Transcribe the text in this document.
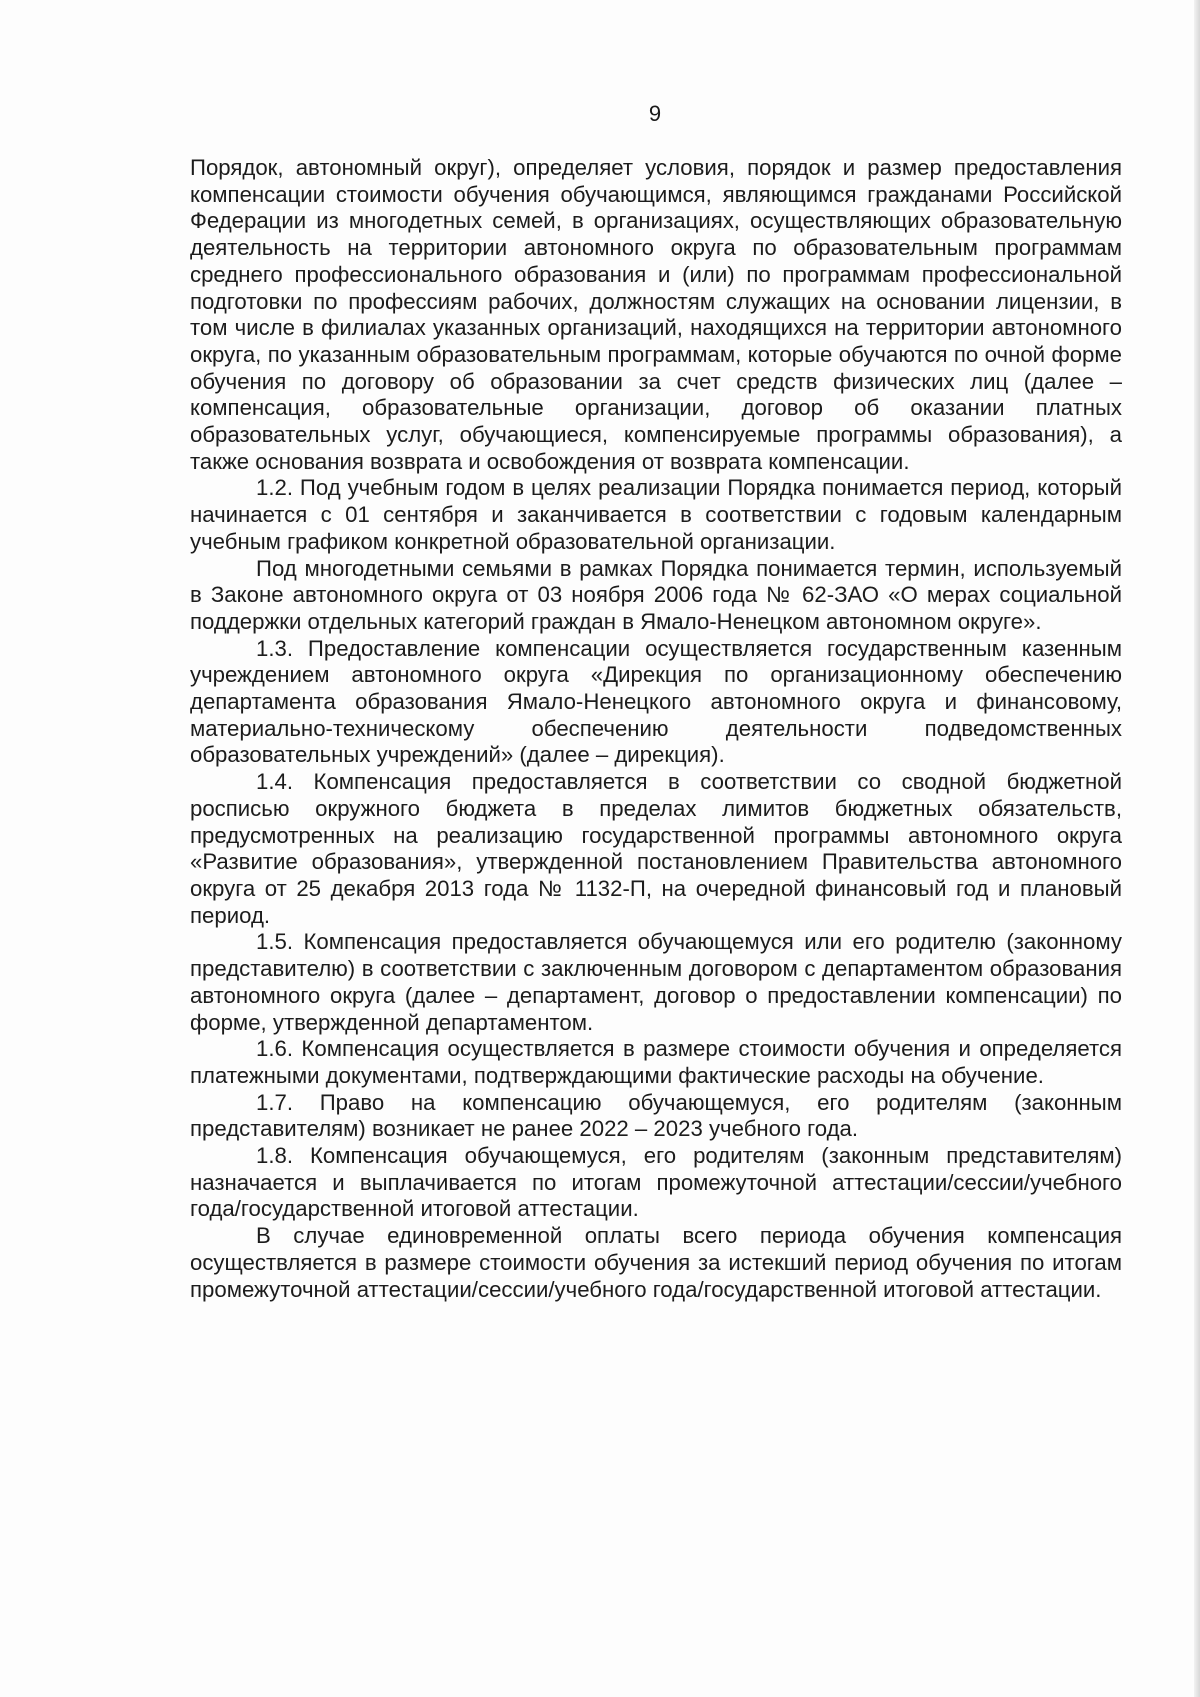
9

Порядок, автономный округ), определяет условия, порядок и размер предоставления компенсации стоимости обучения обучающимся, являющимся гражданами Российской Федерации из многодетных семей, в организациях, осуществляющих образовательную деятельность на территории автономного округа по образовательным программам среднего профессионального образования и (или) по программам профессиональной подготовки по профессиям рабочих, должностям служащих на основании лицензии, в том числе в филиалах указанных организаций, находящихся на территории автономного округа, по указанным образовательным программам, которые обучаются по очной форме обучения по договору об образовании за счет средств физических лиц (далее – компенсация, образовательные организации, договор об оказании платных образовательных услуг, обучающиеся, компенсируемые программы образования), а также основания возврата и освобождения от возврата компенсации.

1.2. Под учебным годом в целях реализации Порядка понимается период, который начинается с 01 сентября и заканчивается в соответствии с годовым календарным учебным графиком конкретной образовательной организации.

Под многодетными семьями в рамках Порядка понимается термин, используемый в Законе автономного округа от 03 ноября 2006 года № 62-ЗАО «О мерах социальной поддержки отдельных категорий граждан в Ямало-Ненецком автономном округе».

1.3. Предоставление компенсации осуществляется государственным казенным учреждением автономного округа «Дирекция по организационному обеспечению департамента образования Ямало-Ненецкого автономного округа и финансовому, материально-техническому обеспечению деятельности подведомственных образовательных учреждений» (далее – дирекция).

1.4. Компенсация предоставляется в соответствии со сводной бюджетной росписью окружного бюджета в пределах лимитов бюджетных обязательств, предусмотренных на реализацию государственной программы автономного округа «Развитие образования», утвержденной постановлением Правительства автономного округа от 25 декабря 2013 года № 1132-П, на очередной финансовый год и плановый период.

1.5. Компенсация предоставляется обучающемуся или его родителю (законному представителю) в соответствии с заключенным договором с департаментом образования автономного округа (далее – департамент, договор о предоставлении компенсации) по форме, утвержденной департаментом.

1.6. Компенсация осуществляется в размере стоимости обучения и определяется платежными документами, подтверждающими фактические расходы на обучение.

1.7. Право на компенсацию обучающемуся, его родителям (законным представителям) возникает не ранее 2022 – 2023 учебного года.

1.8. Компенсация обучающемуся, его родителям (законным представителям) назначается и выплачивается по итогам промежуточной аттестации/сессии/учебного года/государственной итоговой аттестации.

В случае единовременной оплаты всего периода обучения компенсация осуществляется в размере стоимости обучения за истекший период обучения по итогам промежуточной аттестации/сессии/учебного года/государственной итоговой аттестации.
